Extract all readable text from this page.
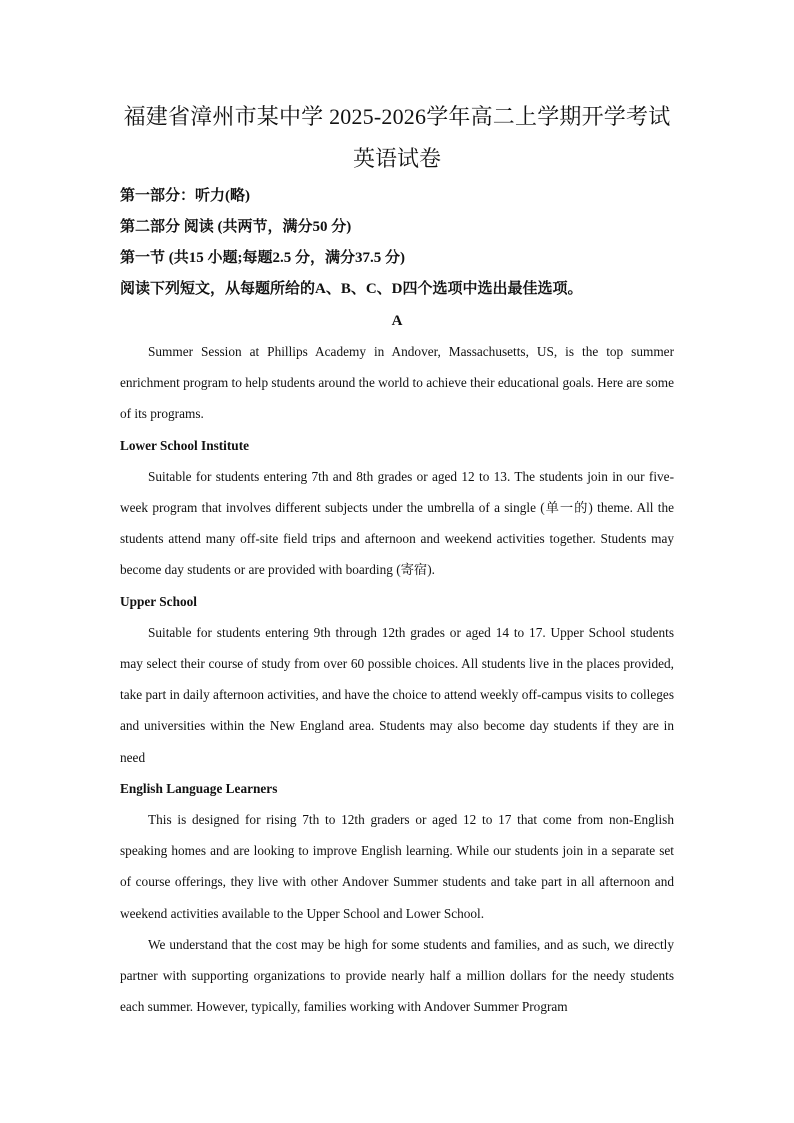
福建省漳州市某中学 2025-2026学年高二上学期开学考试
英语试卷
第一部分：听力(略)
第二部分 阅读 (共两节，满分50 分)
第一节 (共15 小题;每题2.5 分，满分37.5 分)
阅读下列短文，从每题所给的A、B、C、D四个选项中选出最佳选项。
A

Summer Session at Phillips Academy in Andover, Massachusetts, US, is the top summer enrichment program to help students around the world to achieve their educational goals. Here are some of its programs.

Lower School Institute

Suitable for students entering 7th and 8th grades or aged 12 to 13. The students join in our five-week program that involves different subjects under the umbrella of a single (单一的) theme. All the students attend many off-site field trips and afternoon and weekend activities together. Students may become day students or are provided with boarding (寄宿).

Upper School

Suitable for students entering 9th through 12th grades or aged 14 to 17. Upper School students may select their course of study from over 60 possible choices. All students live in the places provided, take part in daily afternoon activities, and have the choice to attend weekly off-campus visits to colleges and universities within the New England area. Students may also become day students if they are in need

English Language Learners

This is designed for rising 7th to 12th graders or aged 12 to 17 that come from non-English speaking homes and are looking to improve English learning. While our students join in a separate set of course offerings, they live with other Andover Summer students and take part in all afternoon and weekend activities available to the Upper School and Lower School.

We understand that the cost may be high for some students and families, and as such, we directly partner with supporting organizations to provide nearly half a million dollars for the needy students each summer. However, typically, families working with Andover Summer Program
